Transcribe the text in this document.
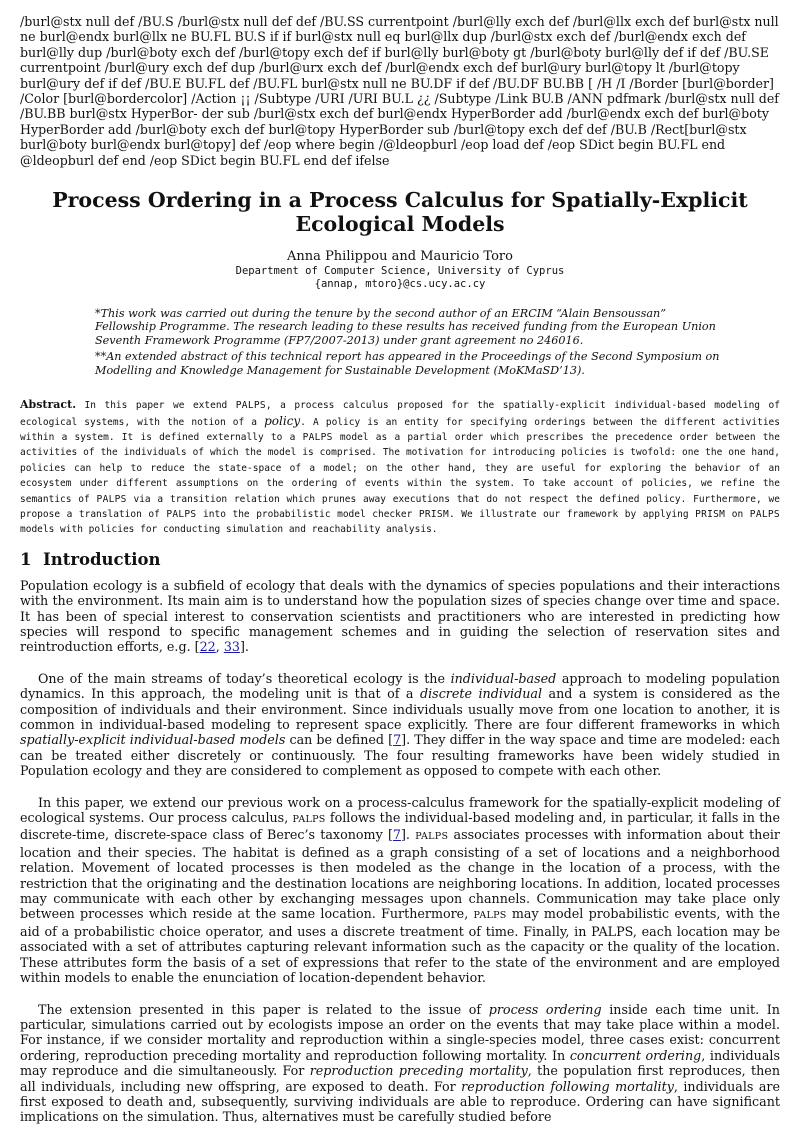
/burl@stx null def /BU.S /burl@stx null def def /BU.SS currentpoint /burl@lly exch def /burl@llx exch def burl@stx null ne burl@endx burl@llx ne BU.FL BU.S if if burl@stx null eq burl@llx dup /burl@stx exch def /burl@endx exch def burl@lly dup /burl@boty exch def /burl@topy exch def if burl@lly burl@boty gt /burl@boty burl@lly def if def /BU.SE currentpoint /burl@ury exch def dup /burl@urx exch def /burl@endx exch def burl@ury burl@topy lt /burl@topy burl@ury def if def /BU.E BU.FL def /BU.FL burl@stx null ne BU.DF if def /BU.DF BU.BB [ /H /I /Border [burl@border] /Color [burl@bordercolor] /Action ¡¡ /Subtype /URI /URI BU.L ¿¿ /Subtype /Link BU.B /ANN pdfmark /burl@stx null def /BU.BB burl@stx HyperBor- der sub /burl@stx exch def burl@endx HyperBorder add /burl@endx exch def burl@boty HyperBorder add /burl@boty exch def burl@topy HyperBorder sub /burl@topy exch def def /BU.B /Rect[burl@stx burl@boty burl@endx burl@topy] def /eop where begin /@ldeopburl /eop load def /eop SDict begin BU.FL end @ldeopburl def end /eop SDict begin BU.FL end def ifelse
Process Ordering in a Process Calculus for Spatially-Explicit Ecological Models
Anna Philippou and Mauricio Toro
Department of Computer Science, University of Cyprus
{annap, mtoro}@cs.ucy.ac.cy

*This work was carried out during the tenure by the second author of an ERCIM “Alain Bensoussan” Fellowship Programme. The research leading to these results has received funding from the European Union Seventh Framework Programme (FP7/2007-2013) under grant agreement no 246016.

**An extended abstract of this technical report has appeared in the Proceedings of the Second Symposium on Modelling and Knowledge Management for Sustainable Development (MoKMaSD’13).

Abstract. In this paper we extend PALPS, a process calculus proposed for the spatially-explicit individual-based modeling of ecological systems, with the notion of a policy. A policy is an entity for specifying orderings between the different activities within a system. It is defined externally to a PALPS model as a partial order which prescribes the precedence order between the activities of the individuals of which the model is comprised. The motivation for introducing policies is twofold: one the one hand, policies can help to reduce the state-space of a model; on the other hand, they are useful for exploring the behavior of an ecosystem under different assumptions on the ordering of events within the system. To take account of policies, we refine the semantics of PALPS via a transition relation which prunes away executions that do not respect the defined policy. Furthermore, we propose a translation of PALPS into the probabilistic model checker PRISM. We illustrate our framework by applying PRISM on PALPS models with policies for conducting simulation and reachability analysis.
1 Introduction

Population ecology is a subfield of ecology that deals with the dynamics of species populations and their interactions with the environment. Its main aim is to understand how the population sizes of species change over time and space. It has been of special interest to conservation scientists and practitioners who are interested in predicting how species will respond to specific management schemes and in guiding the selection of reservation sites and reintroduction efforts, e.g. [22, 33].

One of the main streams of today’s theoretical ecology is the individual-based approach to modeling population dynamics. In this approach, the modeling unit is that of a discrete individual and a system is considered as the composition of individuals and their environment. Since individuals usually move from one location to another, it is common in individual-based modeling to represent space explicitly. There are four different frameworks in which spatially-explicit individual-based models can be defined [7]. They differ in the way space and time are modeled: each can be treated either discretely or continuously. The four resulting frameworks have been widely studied in Population ecology and they are considered to complement as opposed to compete with each other.

In this paper, we extend our previous work on a process-calculus framework for the spatially-explicit modeling of ecological systems. Our process calculus, PALPS follows the individual-based modeling and, in particular, it falls in the discrete-time, discrete-space class of Berec’s taxonomy [7]. PALPS associates processes with information about their location and their species. The habitat is defined as a graph consisting of a set of locations and a neighborhood relation. Movement of located processes is then modeled as the change in the location of a process, with the restriction that the originating and the destination locations are neighboring locations. In addition, located processes may communicate with each other by exchanging messages upon channels. Communication may take place only between processes which reside at the same location. Furthermore, PALPS may model probabilistic events, with the aid of a probabilistic choice operator, and uses a discrete treatment of time. Finally, in PALPS, each location may be associated with a set of attributes capturing relevant information such as the capacity or the quality of the location. These attributes form the basis of a set of expressions that refer to the state of the environment and are employed within models to enable the enunciation of location-dependent behavior.

The extension presented in this paper is related to the issue of process ordering inside each time unit. In particular, simulations carried out by ecologists impose an order on the events that may take place within a model. For instance, if we consider mortality and reproduction within a single-species model, three cases exist: concurrent ordering, reproduction preceding mortality and reproduction following mortality. In concurrent ordering, individuals may reproduce and die simultaneously. For reproduction preceding mortality, the population first reproduces, then all individuals, including new offspring, are exposed to death. For reproduction following mortality, individuals are first exposed to death and, subsequently, surviving individuals are able to reproduce. Ordering can have significant implications on the simulation. Thus, alternatives must be carefully studied before
